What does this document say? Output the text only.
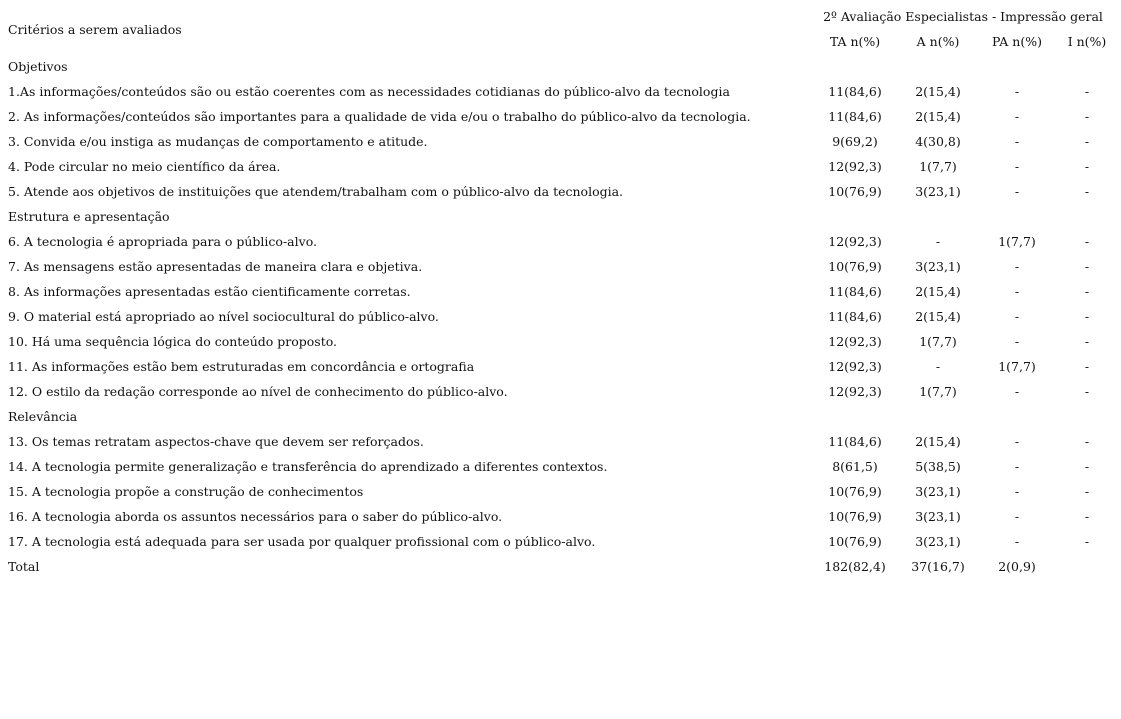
Critérios a serem avaliados	2º Avaliação Especialistas - Impressão geral			
	TA n(%)	A n(%)	PA n(%)	I n(%)
Objetivos				
1.As informações/conteúdos são ou estão coerentes com as necessidades cotidianas do público-alvo da tecnologia	11(84,6)	2(15,4)	-	-
2. As informações/conteúdos são importantes para a qualidade de vida e/ou o trabalho do público-alvo da tecnologia.	11(84,6)	2(15,4)	-	-
3. Convida e/ou instiga as mudanças de comportamento e atitude.	9(69,2)	4(30,8)	-	-
4. Pode circular no meio científico da área.	12(92,3)	1(7,7)	-	-
5. Atende aos objetivos de instituições que atendem/trabalham com o público-alvo da tecnologia.	10(76,9)	3(23,1)	-	-
Estrutura e apresentação				
6. A tecnologia é apropriada para o público-alvo.	12(92,3)	-	1(7,7)	-
7. As mensagens estão apresentadas de maneira clara e objetiva.	10(76,9)	3(23,1)	-	-
8. As informações apresentadas estão cientificamente corretas.	11(84,6)	2(15,4)	-	-
9. O material está apropriado ao nível sociocultural do público-alvo.	11(84,6)	2(15,4)	-	-
10. Há uma sequência lógica do conteúdo proposto.	12(92,3)	1(7,7)	-	-
11. As informações estão bem estruturadas em concordância e ortografia	12(92,3)	-	1(7,7)	-
12. O estilo da redação corresponde ao nível de conhecimento do público-alvo.	12(92,3)	1(7,7)	-	-
Relevância				
13. Os temas retratam aspectos-chave que devem ser reforçados.	11(84,6)	2(15,4)	-	-
14. A tecnologia permite generalização e transferência do aprendizado a diferentes contextos.	8(61,5)	5(38,5)	-	-
15. A tecnologia propõe a construção de conhecimentos	10(76,9)	3(23,1)	-	-
16. A tecnologia aborda os assuntos necessários para o saber do público-alvo.	10(76,9)	3(23,1)	-	-
17. A tecnologia está adequada para ser usada por qualquer profissional com o público-alvo.	10(76,9)	3(23,1)	-	-
Total	182(82,4)	37(16,7)	2(0,9)	
